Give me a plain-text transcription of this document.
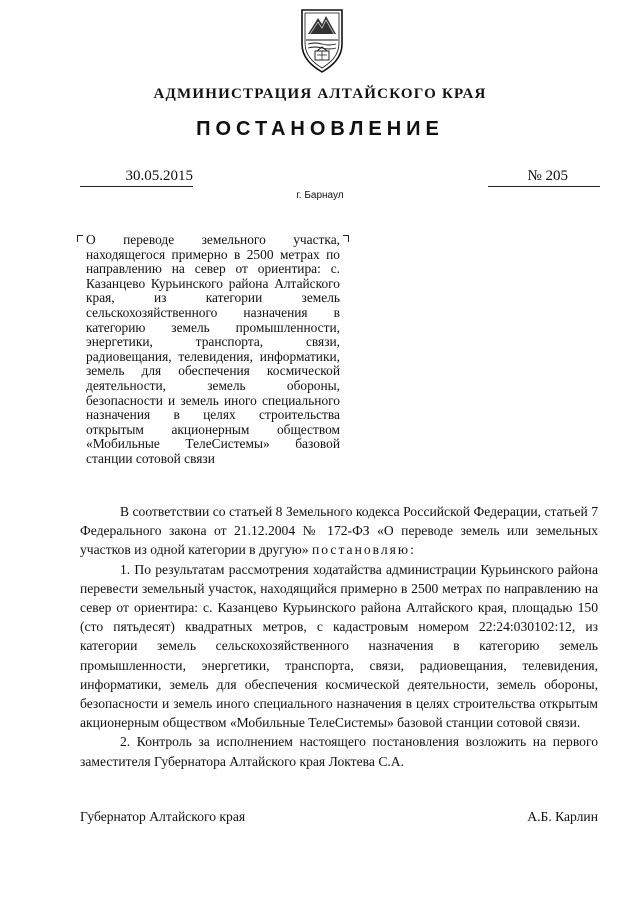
АДМИНИСТРАЦИЯ АЛТАЙСКОГО КРАЯ
ПОСТАНОВЛЕНИЕ
30.05.2015	№ 205
г. Барнаул
О переводе земельного участка, находящегося примерно в 2500 метрах по направлению на север от ориентира: с. Казанцево Курьинского района Алтайского края, из категории земель сельскохозяйственного назначения в категорию земель промышленности, энергетики, транспорта, связи, радиовещания, телевидения, информатики, земель для обеспечения космической деятельности, земель обороны, безопасности и земель иного специального назначения в целях строительства открытым акционерным обществом «Мобильные ТелеСистемы» базовой станции сотовой связи

В соответствии со статьей 8 Земельного кодекса Российской Федерации, статьей 7 Федерального закона от 21.12.2004 № 172-ФЗ «О переводе земель или земельных участков из одной категории в другую» постановляю:

1. По результатам рассмотрения ходатайства администрации Курьинского района перевести земельный участок, находящийся примерно в 2500 метрах по направлению на север от ориентира: с. Казанцево Курьинского района Алтайского края, площадью 150 (сто пятьдесят) квадратных метров, с кадастровым номером 22:24:030102:12, из категории земель сельскохозяйственного назначения в категорию земель промышленности, энергетики, транспорта, связи, радиовещания, телевидения, информатики, земель для обеспечения космической деятельности, земель обороны, безопасности и земель иного специального назначения в целях строительства открытым акционерным обществом «Мобильные ТелеСистемы» базовой станции сотовой связи.

2. Контроль за исполнением настоящего постановления возложить на первого заместителя Губернатора Алтайского края Локтева С.А.

Губернатор Алтайского края	А.Б. Карлин
